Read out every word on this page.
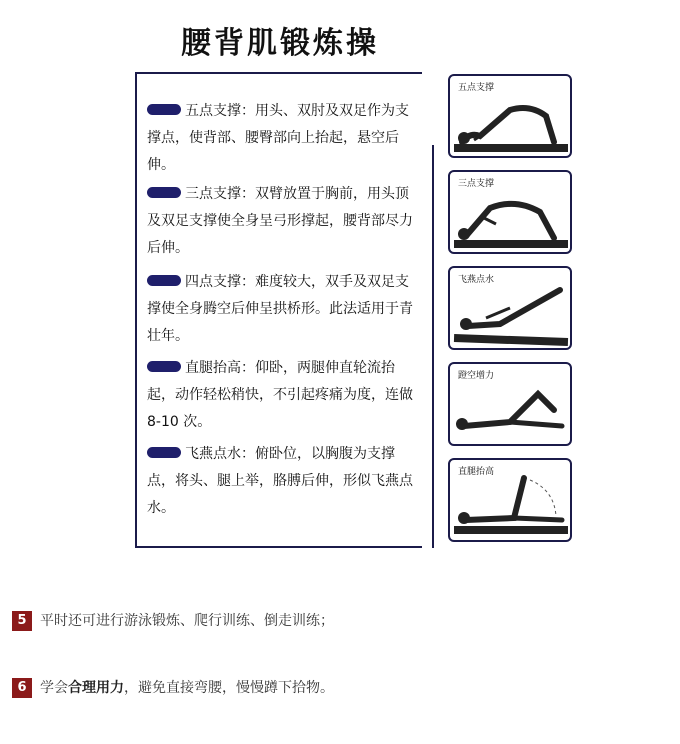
腰背肌锻炼操
五点支撑：用头、双肘及双足作为支撑点，使背部、腰臀部向上抬起，悬空后伸。
三点支撑：双臂放置于胸前，用头顶及双足支撑使全身呈弓形撑起，腰背部尽力后伸。
四点支撑：难度较大，双手及双足支撑使全身腾空后伸呈拱桥形。此法适用于青壮年。
直腿抬高：仰卧，两腿伸直轮流抬起，动作轻松稍快，不引起疼痛为度，连做 8-10 次。
飞燕点水：俯卧位，以胸腹为支撑点，将头、腿上举，胳膊后伸，形似飞燕点水。
五点支撑
三点支撑
飞燕点水
蹬空增力
直腿抬高
5 平时还可进行游泳锻炼、爬行训练、倒走训练；
6 学会合理用力，避免直接弯腰，慢慢蹲下拾物。
